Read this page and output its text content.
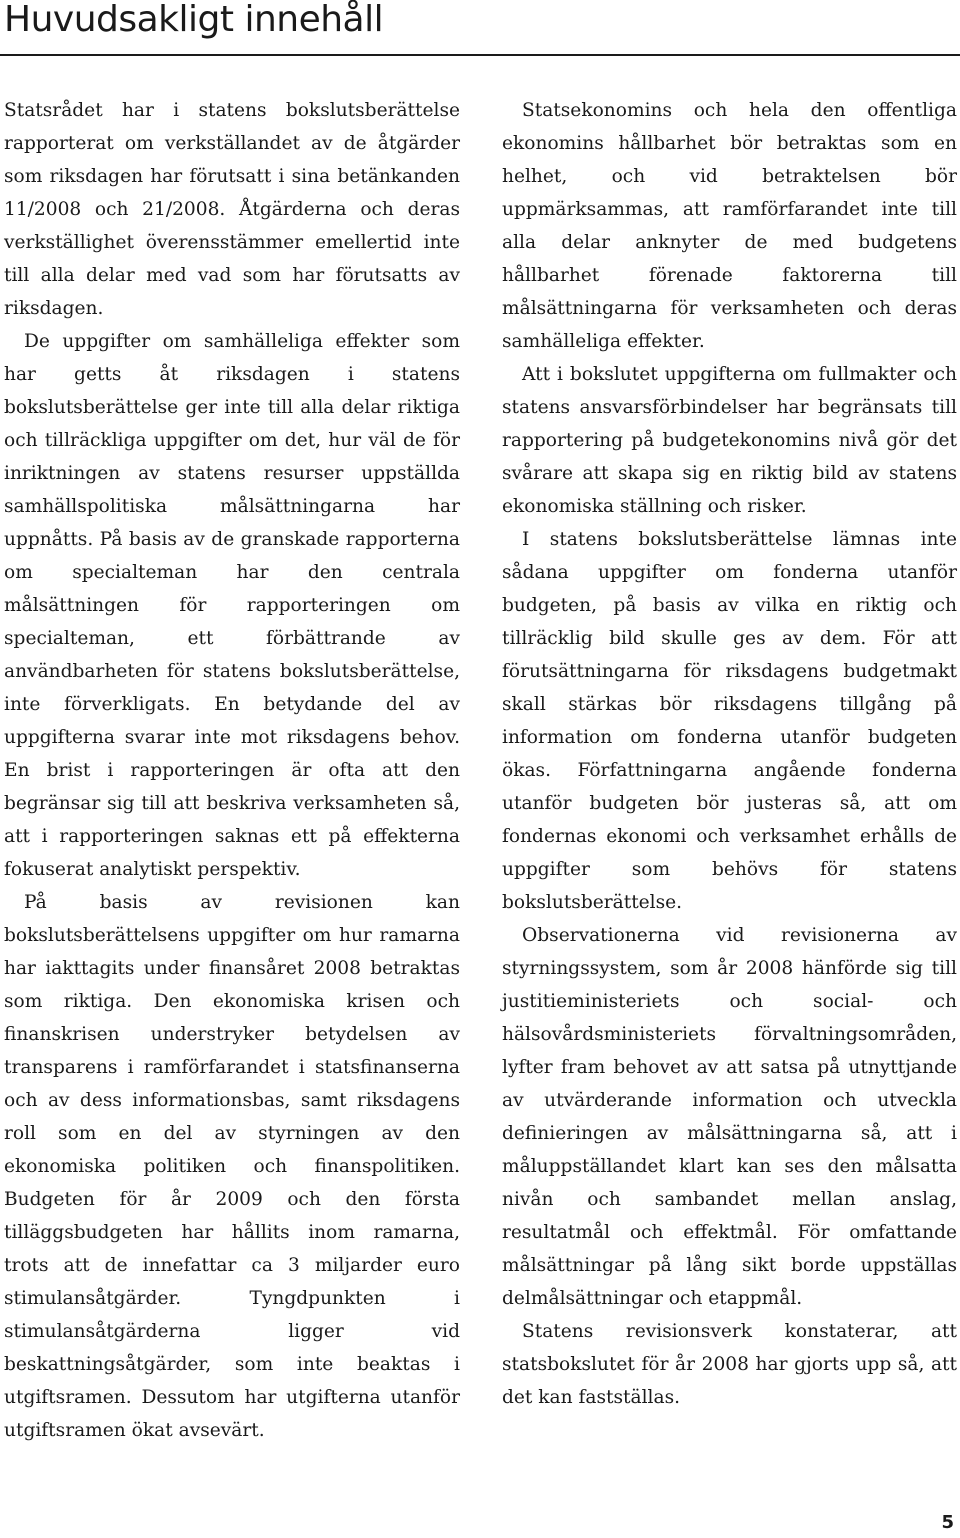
Huvudsakligt innehåll

Statsrådet har i statens bokslutsberättelse rapporterat om verkställandet av de åtgärder som riksdagen har förutsatt i sina betänkanden 11/2008 och 21/2008. Åtgärderna och deras verkställighet överensstämmer emellertid inte till alla delar med vad som har förutsatts av riksdagen.

De uppgifter om samhälleliga effekter som har getts åt riksdagen i statens bokslutsberättelse ger inte till alla delar riktiga och tillräckliga uppgifter om det, hur väl de för inriktningen av statens resurser uppställda samhällspolitiska målsättningarna har uppnåtts. På basis av de granskade rapporterna om specialteman har den centrala målsättningen för rapporteringen om specialteman, ett förbättrande av användbarheten för statens bokslutsberättelse, inte förverkligats. En betydande del av uppgifterna svarar inte mot riksdagens behov. En brist i rapporteringen är ofta att den begränsar sig till att beskriva verksamheten så, att i rapporteringen saknas ett på effekterna fokuserat analytiskt perspektiv.

På basis av revisionen kan bokslutsberättelsens uppgifter om hur ramarna har iakttagits under finansåret 2008 betraktas som riktiga. Den ekonomiska krisen och finanskrisen understryker betydelsen av transparens i ramförfarandet i statsfinanserna och av dess informationsbas, samt riksdagens roll som en del av styrningen av den ekonomiska politiken och finanspolitiken. Budgeten för år 2009 och den första tilläggsbudgeten har hållits inom ramarna, trots att de innefattar ca 3 miljarder euro stimulansåtgärder. Tyngdpunkten i stimulansåtgärderna ligger vid beskattningsåtgärder, som inte beaktas i utgiftsramen. Dessutom har utgifterna utanför utgiftsramen ökat avsevärt.

Statsekonomins och hela den offentliga ekonomins hållbarhet bör betraktas som en helhet, och vid betraktelsen bör uppmärksammas, att ramförfarandet inte till alla delar anknyter de med budgetens hållbarhet förenade faktorerna till målsättningarna för verksamheten och deras samhälleliga effekter.

Att i bokslutet uppgifterna om fullmakter och statens ansvarsförbindelser har begränsats till rapportering på budgetekonomins nivå gör det svårare att skapa sig en riktig bild av statens ekonomiska ställning och risker.

I statens bokslutsberättelse lämnas inte sådana uppgifter om fonderna utanför budgeten, på basis av vilka en riktig och tillräcklig bild skulle ges av dem. För att förutsättningarna för riksdagens budgetmakt skall stärkas bör riksdagens tillgång på information om fonderna utanför budgeten ökas. Författningarna angående fonderna utanför budgeten bör justeras så, att om fondernas ekonomi och verksamhet erhålls de uppgifter som behövs för statens bokslutsberättelse.

Observationerna vid revisionerna av styrningssystem, som år 2008 hänförde sig till justitieministeriets och social- och hälsovårdsministeriets förvaltningsområden, lyfter fram behovet av att satsa på utnyttjande av utvärderande information och utveckla definieringen av målsättningarna så, att i måluppställandet klart kan ses den målsatta nivån och sambandet mellan anslag, resultatmål och effektmål. För omfattande målsättningar på lång sikt borde uppställas delmålsättningar och etappmål.

Statens revisionsverk konstaterar, att statsbokslutet för år 2008 har gjorts upp så, att det kan fastställas.

5
